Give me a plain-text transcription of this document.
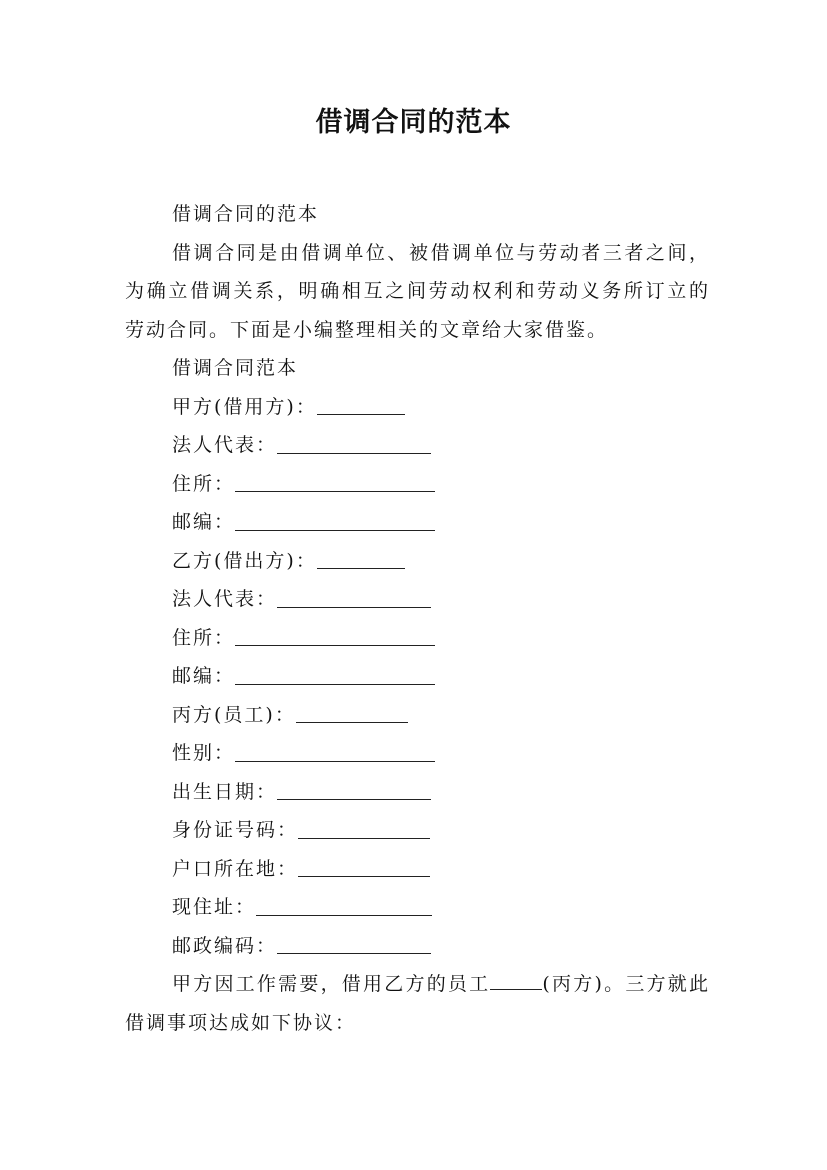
借调合同的范本
借调合同的范本
借调合同是由借调单位、被借调单位与劳动者三者之间，为确立借调关系，明确相互之间劳动权利和劳动义务所订立的劳动合同。下面是小编整理相关的文章给大家借鉴。
借调合同范本
甲方(借用方)：
法人代表：
住所：
邮编：
乙方(借出方)：
法人代表：
住所：
邮编：
丙方(员工)：
性别：
出生日期：
身份证号码：
户口所在地：
现住址：
邮政编码：
甲方因工作需要，借用乙方的员工	(丙方)。三方就此借调事项达成如下协议：
